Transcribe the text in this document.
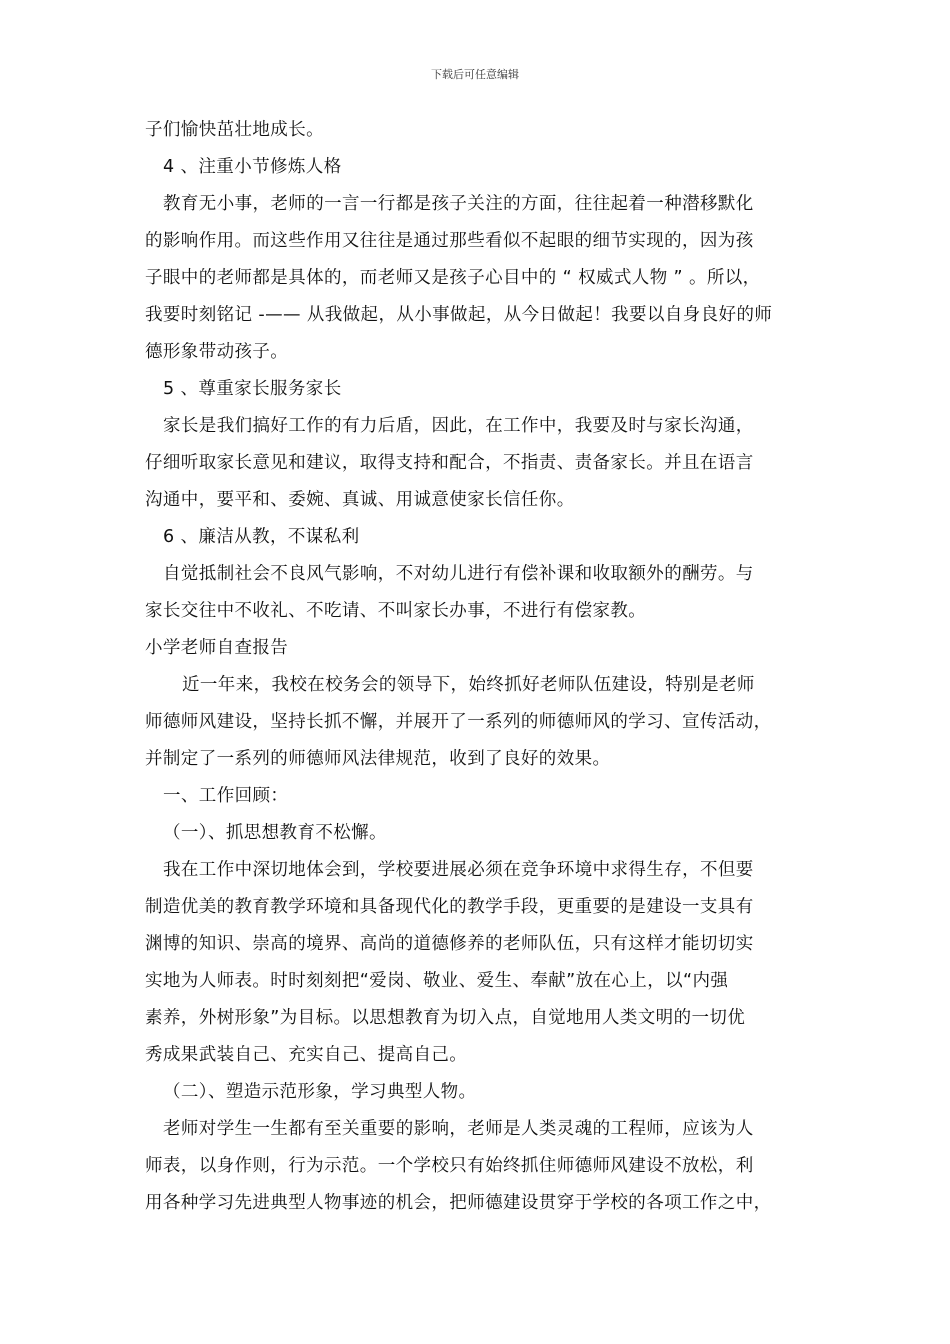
下载后可任意编辑
子们愉快茁壮地成长。
4 、注重小节修炼人格
教育无小事，老师的一言一行都是孩子关注的方面，往往起着一种潜移默化
的影响作用。而这些作用又往往是通过那些看似不起眼的细节实现的，因为孩
子眼中的老师都是具体的，而老师又是孩子心目中的 “ 权威式人物 ” 。所以，
我要时刻铭记 -—— 从我做起，从小事做起，从今日做起！我要以自身良好的师
德形象带动孩子。
5 、尊重家长服务家长
家长是我们搞好工作的有力后盾，因此，在工作中，我要及时与家长沟通，
仔细听取家长意见和建议，取得支持和配合，不指责、责备家长。并且在语言
沟通中，要平和、委婉、真诚、用诚意使家长信任你。
6 、廉洁从教，不谋私利
自觉抵制社会不良风气影响，不对幼儿进行有偿补课和收取额外的酬劳。与
家长交往中不收礼、不吃请、不叫家长办事，不进行有偿家教。
小学老师自查报告
近一年来，我校在校务会的领导下，始终抓好老师队伍建设，特别是老师
师德师风建设，坚持长抓不懈，并展开了一系列的师德师风的学习、宣传活动，
并制定了一系列的师德师风法律规范，收到了良好的效果。
一、工作回顾：
（一）、抓思想教育不松懈。
我在工作中深切地体会到，学校要进展必须在竞争环境中求得生存，不但要
制造优美的教育教学环境和具备现代化的教学手段，更重要的是建设一支具有
渊博的知识、崇高的境界、高尚的道德修养的老师队伍，只有这样才能切切实
实地为人师表。时时刻刻把“爱岗、敬业、爱生、奉献”放在心上，以“内强
素养，外树形象”为目标。以思想教育为切入点，自觉地用人类文明的一切优
秀成果武装自己、充实自己、提高自己。
（二）、塑造示范形象，学习典型人物。
老师对学生一生都有至关重要的影响，老师是人类灵魂的工程师，应该为人
师表，以身作则，行为示范。一个学校只有始终抓住师德师风建设不放松，利
用各种学习先进典型人物事迹的机会，把师德建设贯穿于学校的各项工作之中，
